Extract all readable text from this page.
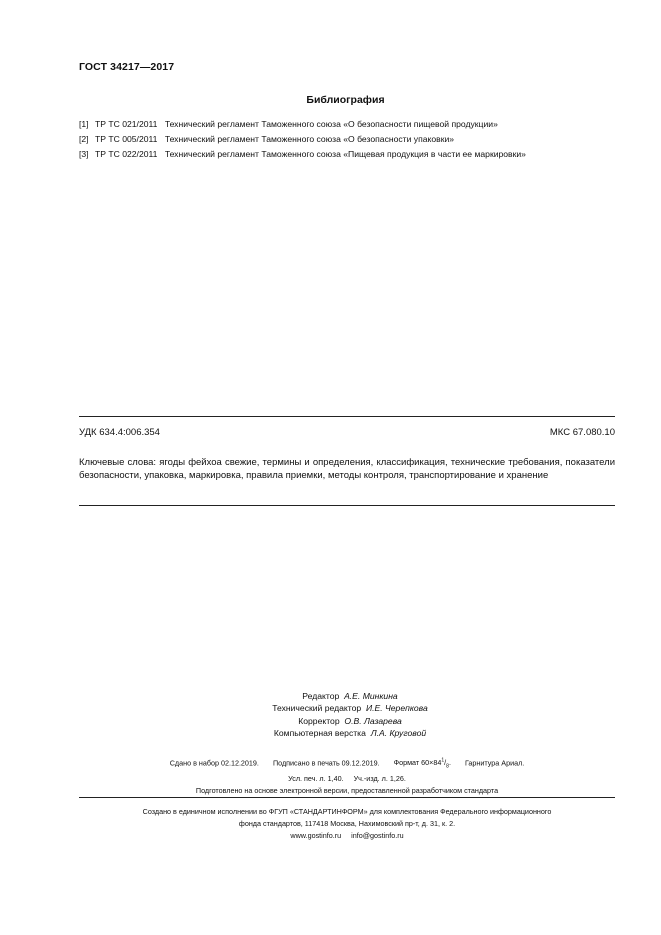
ГОСТ 34217—2017
Библиография
[1] ТР ТС 021/2011 Технический регламент Таможенного союза «О безопасности пищевой продукции»
[2] ТР ТС 005/2011 Технический регламент Таможенного союза «О безопасности упаковки»
[3] ТР ТС 022/2011 Технический регламент Таможенного союза «Пищевая продукция в части ее маркировки»
УДК 634.4:006.354	МКС 67.080.10
Ключевые слова: ягоды фейхоа свежие, термины и определения, классификация, технические требования, показатели безопасности, упаковка, маркировка, правила приемки, методы контроля, транспортирование и хранение
Редактор А.Е. Минкина
Технический редактор И.Е. Черепкова
Корректор О.В. Лазарева
Компьютерная верстка Л.А. Круговой
Сдано в набор 02.12.2019. Подписано в печать 09.12.2019. Формат $60\times 84^1/_8$. Гарнитура Ариал.
Усл. печ. л. 1,40. Уч.-изд. л. 1,26.
Подготовлено на основе электронной версии, предоставленной разработчиком стандарта
Создано в единичном исполнении во ФГУП «СТАНДАРТИНФОРМ» для комплектования Федерального информационного
фонда стандартов, 117418 Москва, Нахимовский пр-т, д. 31, к. 2.
www.gostinfo.ru info@gostinfo.ru
